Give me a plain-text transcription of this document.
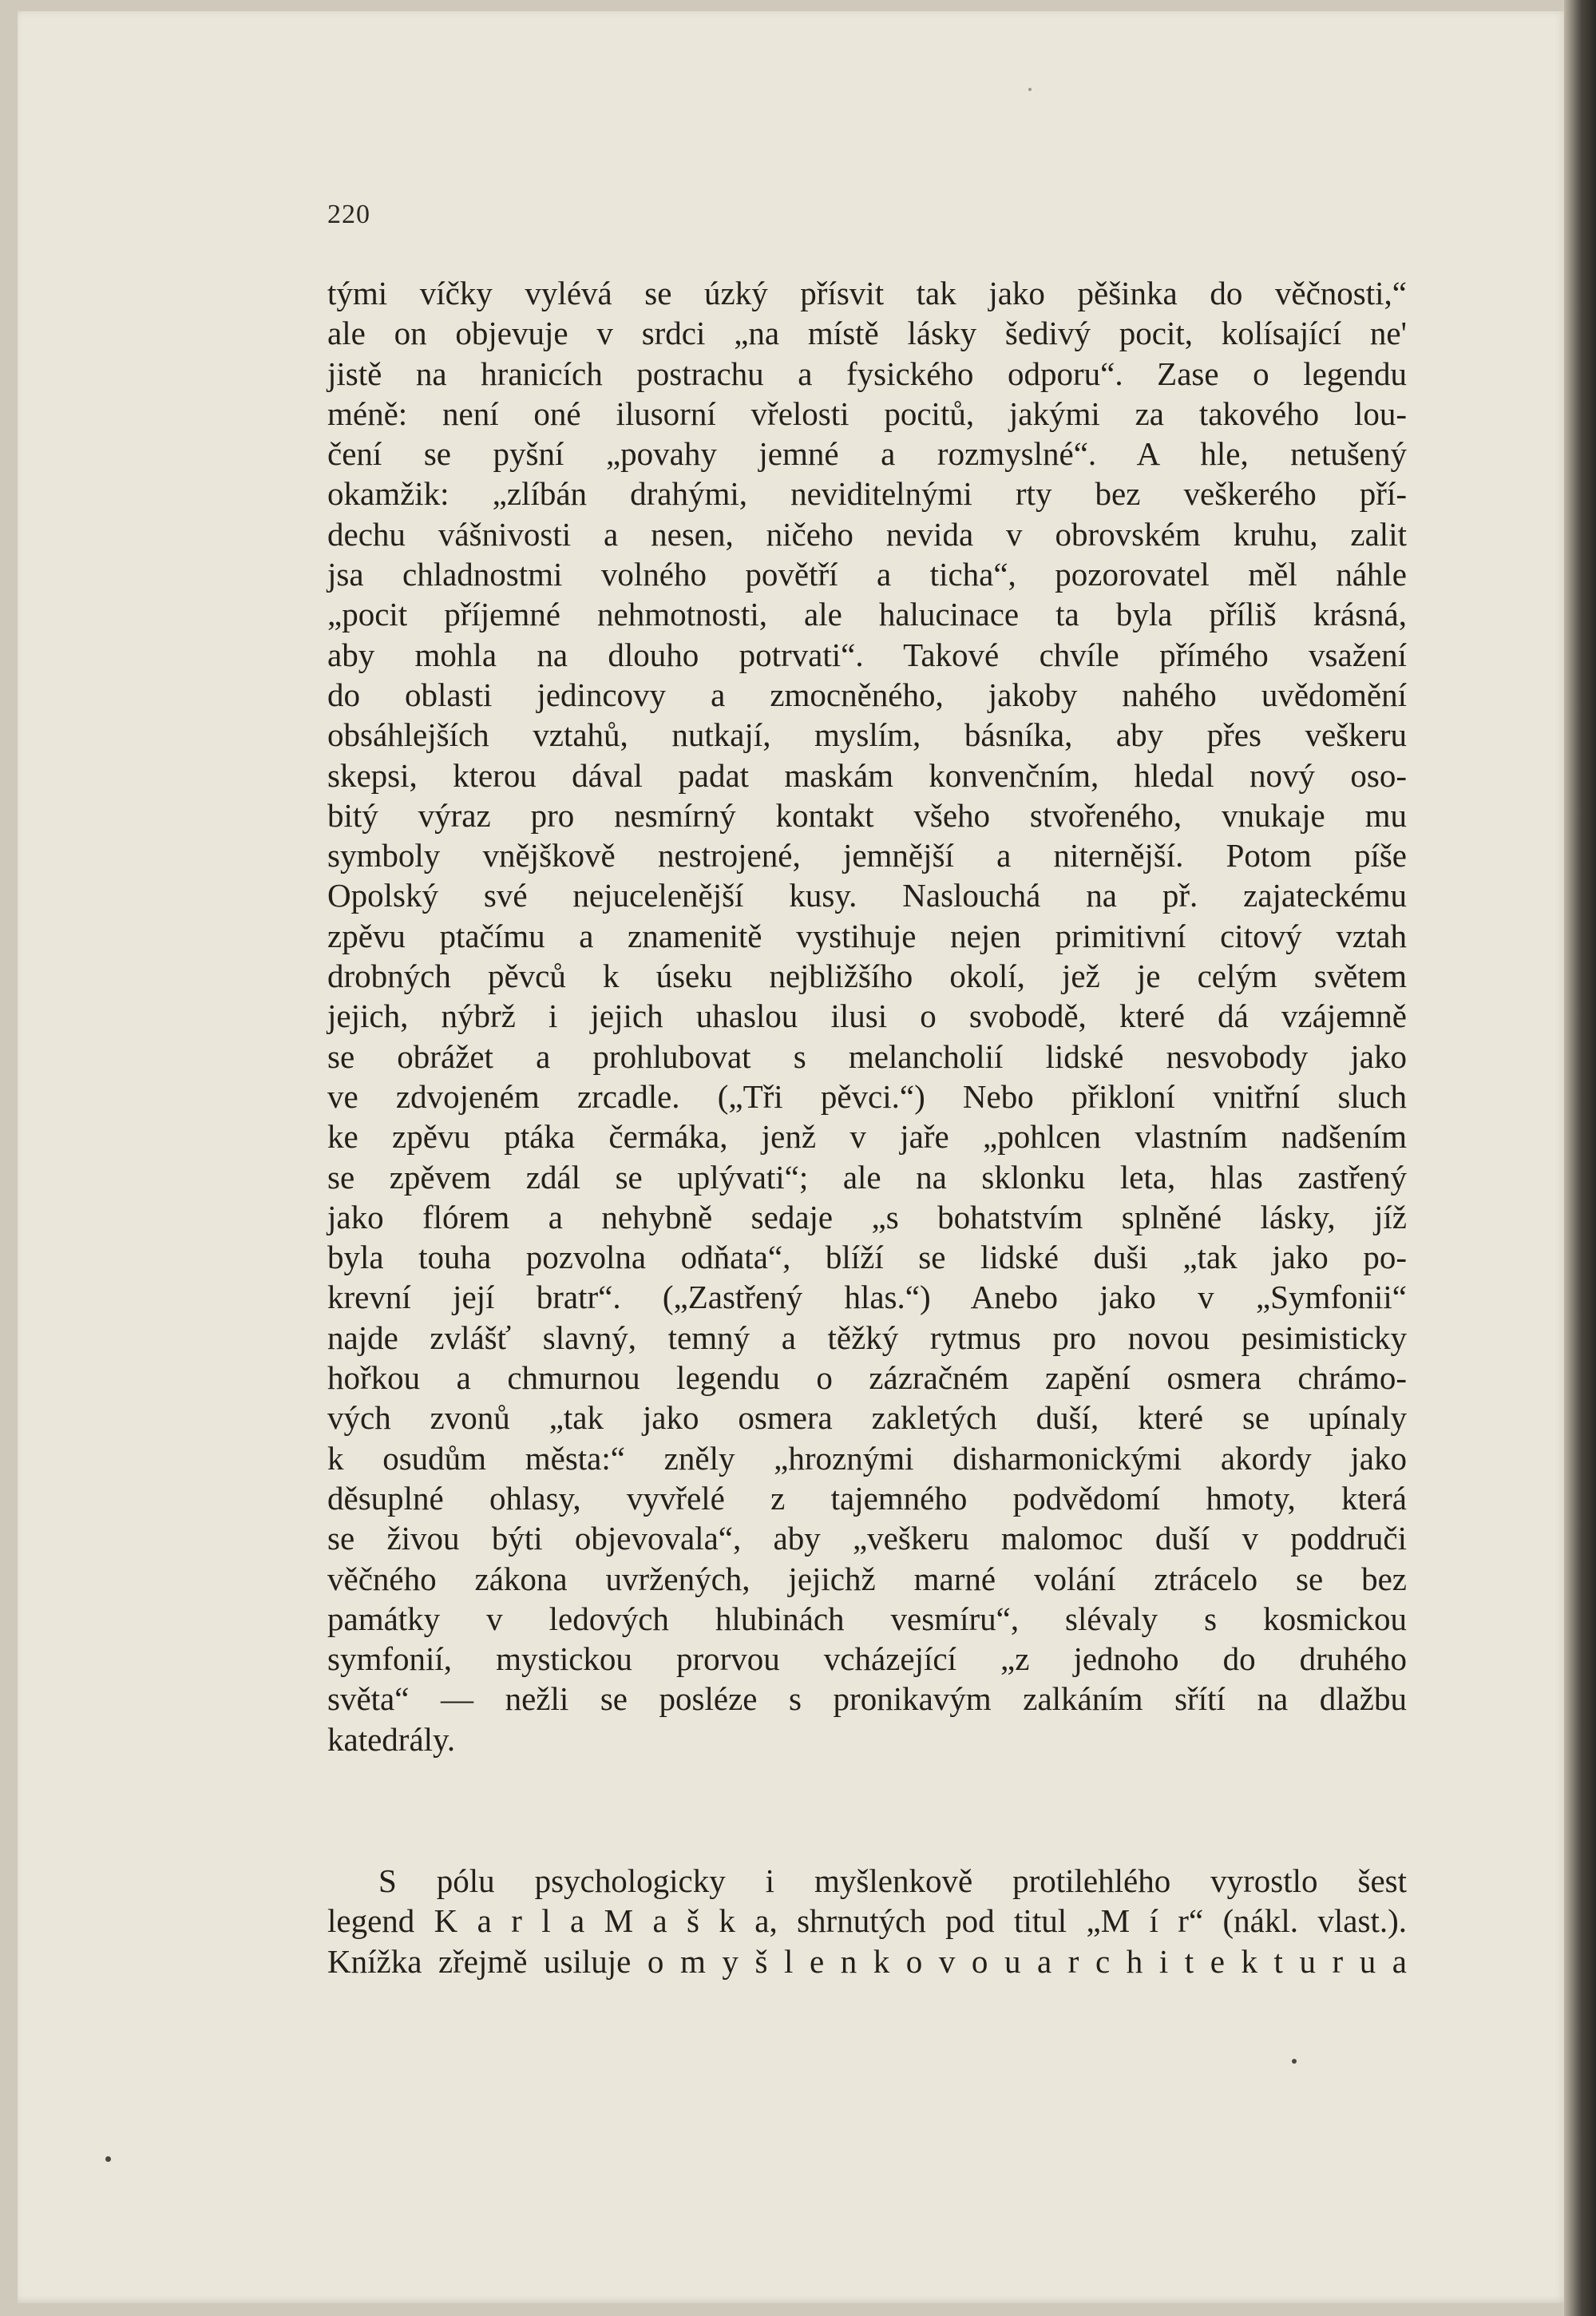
220
tými víčky vylévá se úzký přísvit tak jako pěšinka do věčnosti,“
ale on objevuje v srdci „na místě lásky šedivý pocit, kolísající ne'
jistě na hranicích postrachu a fysického odporu“. Zase o legendu
méně: není oné ilusorní vřelosti pocitů, jakými za takového lou-
čení se pyšní „povahy jemné a rozmyslné“. A hle, netušený
okamžik: „zlíbán drahými, neviditelnými rty bez veškerého pří-
dechu vášnivosti a nesen, ničeho nevida v obrovském kruhu, zalit
jsa chladnostmi volného povětří a ticha“, pozorovatel měl náhle
„pocit příjemné nehmotnosti, ale halucinace ta byla příliš krásná,
aby mohla na dlouho potrvati“. Takové chvíle přímého vsažení
do oblasti jedincovy a zmocněného, jakoby nahého uvědomění
obsáhlejších vztahů, nutkají, myslím, básníka, aby přes veškeru
skepsi, kterou dával padat maskám konvenčním, hledal nový oso-
bitý výraz pro nesmírný kontakt všeho stvořeného, vnukaje mu
symboly vnějškově nestrojené, jemnější a niternější. Potom píše
Opolský své nejucelenější kusy. Naslouchá na př. zajateckému
zpěvu ptačímu a znamenitě vystihuje nejen primitivní citový vztah
drobných pěvců k úseku nejbližšího okolí, jež je celým světem
jejich, nýbrž i jejich uhaslou ilusi o svobodě, které dá vzájemně
se obrážet a prohlubovat s melancholií lidské nesvobody jako
ve zdvojeném zrcadle. („Tři pěvci.“) Nebo přikloní vnitřní sluch
ke zpěvu ptáka čermáka, jenž v jaře „pohlcen vlastním nadšením
se zpěvem zdál se uplývati“; ale na sklonku leta, hlas zastřený
jako flórem a nehybně sedaje „s bohatstvím splněné lásky, jíž
byla touha pozvolna odňata“, blíží se lidské duši „tak jako po-
krevní její bratr“. („Zastřený hlas.“) Anebo jako v „Symfonii“
najde zvlášť slavný, temný a těžký rytmus pro novou pesimisticky
hořkou a chmurnou legendu o zázračném zapění osmera chrámo-
vých zvonů „tak jako osmera zakletých duší, které se upínaly
k osudům města:“ zněly „hroznými disharmonickými akordy jako
děsuplné ohlasy, vyvřelé z tajemného podvědomí hmoty, která
se živou býti objevovala“, aby „veškeru malomoc duší v poddruči
věčného zákona uvržených, jejichž marné volání ztrácelo se bez
památky v ledových hlubinách vesmíru“, slévaly s kosmickou
symfonií, mystickou prorvou vcházející „z jednoho do druhého
světa“ — nežli se posléze s pronikavým zalkáním sřítí na dlažbu
katedrály.
S pólu psychologicky i myšlenkově protilehlého vyrostlo šest
legend K a r l a M a š k a, shrnutých pod titul „M í r“ (nákl. vlast.).
Knížka zřejmě usiluje o m y š l e n k o v o u a r c h i t e k t u r u a
